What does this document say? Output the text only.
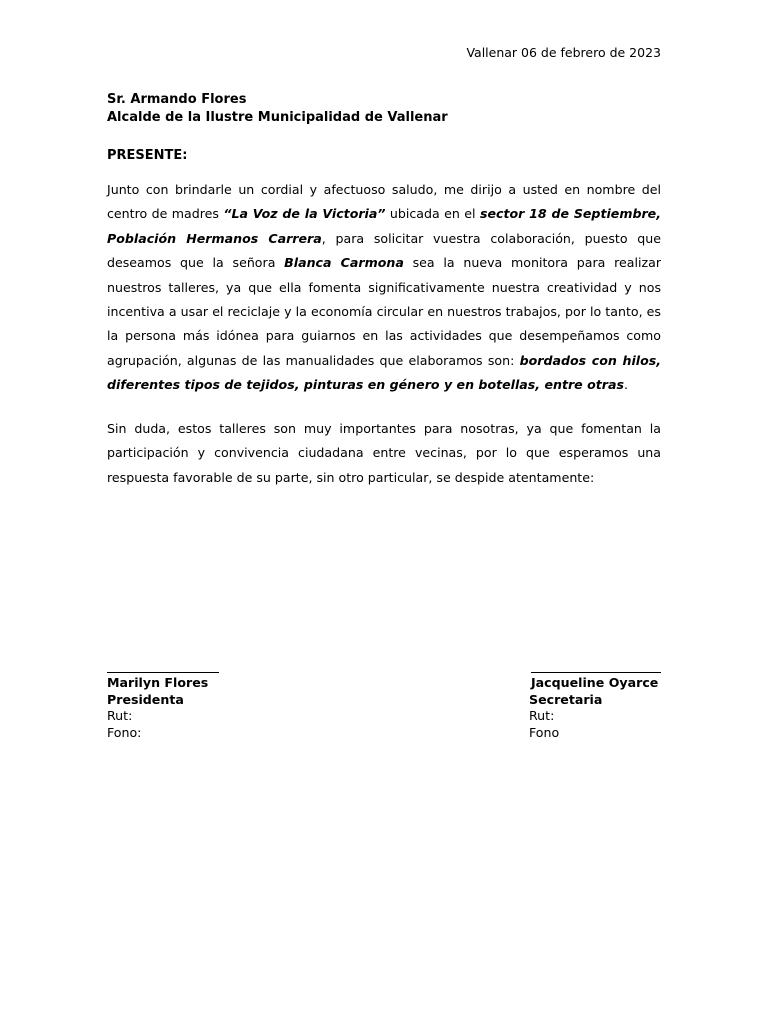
Vallenar 06 de febrero de 2023
Sr. Armando Flores
Alcalde de la Ilustre Municipalidad de Vallenar
PRESENTE:
Junto con brindarle un cordial y afectuoso saludo, me dirijo a usted en nombre del centro de madres “La Voz de la Victoria” ubicada en el sector 18 de Septiembre, Población Hermanos Carrera, para solicitar vuestra colaboración, puesto que deseamos que la señora Blanca Carmona sea la nueva monitora para realizar nuestros talleres, ya que ella fomenta significativamente nuestra creatividad y nos incentiva a usar el reciclaje y la economía circular en nuestros trabajos, por lo tanto, es la persona más idónea para guiarnos en las actividades que desempeñamos como agrupación, algunas de las manualidades que elaboramos son: bordados con hilos, diferentes tipos de tejidos, pinturas en género y en botellas, entre otras.
Sin duda, estos talleres son muy importantes para nosotras, ya que fomentan la participación y convivencia ciudadana entre vecinas, por lo que esperamos una respuesta favorable de su parte, sin otro particular, se despide atentamente:
Marilyn Flores
Presidenta
Rut:
Fono:
Jacqueline Oyarce
Secretaria
Rut:
Fono
